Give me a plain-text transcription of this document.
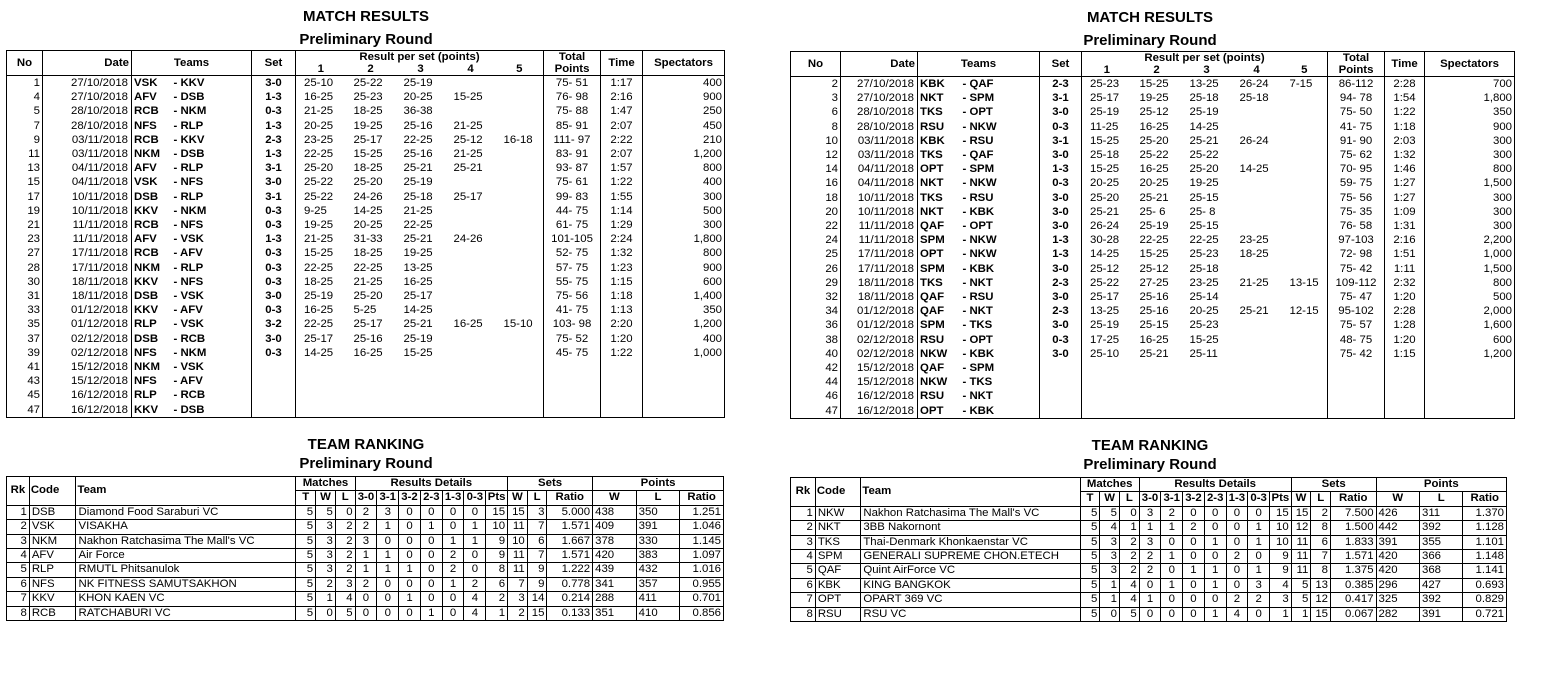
MATCH RESULTS
Preliminary Round
No	Date	Teams		Set	Result per set (points)					Total	Time	Spectators
					1	2	3	4	5	Points		
1	27/10/2018	VSK	- KKV	3-0	25-10	25-22	25-19			75- 51	1:17	400
4	27/10/2018	AFV	- DSB	1-3	16-25	25-23	20-25	15-25		76- 98	2:16	900
5	28/10/2018	RCB	- NKM	0-3	21-25	18-25	36-38			75- 88	1:47	250
7	28/10/2018	NFS	- RLP	1-3	20-25	19-25	25-16	21-25		85- 91	2:07	450
9	03/11/2018	RCB	- KKV	2-3	23-25	25-17	22-25	25-12	16-18	111- 97	2:22	210
11	03/11/2018	NKM	- DSB	1-3	22-25	15-25	25-16	21-25		83- 91	2:07	1,200
13	04/11/2018	AFV	- RLP	3-1	25-20	18-25	25-21	25-21		93- 87	1:57	800
15	04/11/2018	VSK	- NFS	3-0	25-22	25-20	25-19			75- 61	1:22	400
17	10/11/2018	DSB	- RLP	3-1	25-22	24-26	25-18	25-17		99- 83	1:55	300
19	10/11/2018	KKV	- NKM	0-3	9-25	14-25	21-25			44- 75	1:14	500
21	11/11/2018	RCB	- NFS	0-3	19-25	20-25	22-25			61- 75	1:29	300
23	11/11/2018	AFV	- VSK	1-3	21-25	31-33	25-21	24-26		101-105	2:24	1,800
27	17/11/2018	RCB	- AFV	0-3	15-25	18-25	19-25			52- 75	1:32	800
28	17/11/2018	NKM	- RLP	0-3	22-25	22-25	13-25			57- 75	1:23	900
30	18/11/2018	KKV	- NFS	0-3	18-25	21-25	16-25			55- 75	1:15	600
31	18/11/2018	DSB	- VSK	3-0	25-19	25-20	25-17			75- 56	1:18	1,400
33	01/12/2018	KKV	- AFV	0-3	16-25	5-25	14-25			41- 75	1:13	350
35	01/12/2018	RLP	- VSK	3-2	22-25	25-17	25-21	16-25	15-10	103- 98	2:20	1,200
37	02/12/2018	DSB	- RCB	3-0	25-17	25-16	25-19			75- 52	1:20	400
39	02/12/2018	NFS	- NKM	0-3	14-25	16-25	15-25			45- 75	1:22	1,000
41	15/12/2018	NKM	- VSK									
43	15/12/2018	NFS	- AFV									
45	16/12/2018	RLP	- RCB									
47	16/12/2018	KKV	- DSB									
TEAM RANKING
Preliminary Round
Rk	Code	Team	Matches			Results Details							Sets			Points		
			T	W	L	3-0	3-1	3-2	2-3	1-3	0-3	Pts	W	L	Ratio	W	L	Ratio
1	DSB	Diamond Food Saraburi VC	5	5	0	2	3	0	0	0	0	15	15	3	5.000	438	350	1.251
2	VSK	VISAKHA	5	3	2	2	1	0	1	0	1	10	11	7	1.571	409	391	1.046
3	NKM	Nakhon Ratchasima The Mall's VC	5	3	2	3	0	0	0	1	1	9	10	6	1.667	378	330	1.145
4	AFV	Air Force	5	3	2	1	1	0	0	2	0	9	11	7	1.571	420	383	1.097
5	RLP	RMUTL Phitsanulok	5	3	2	1	1	1	0	2	0	8	11	9	1.222	439	432	1.016
6	NFS	NK FITNESS SAMUTSAKHON	5	2	3	2	0	0	0	1	2	6	7	9	0.778	341	357	0.955
7	KKV	KHON KAEN VC	5	1	4	0	0	1	0	0	4	2	3	14	0.214	288	411	0.701
8	RCB	RATCHABURI VC	5	0	5	0	0	0	1	0	4	1	2	15	0.133	351	410	0.856
MATCH RESULTS
Preliminary Round
No	Date	Teams		Set	Result per set (points)					Total	Time	Spectators
					1	2	3	4	5	Points		
2	27/10/2018	KBK	- QAF	2-3	25-23	15-25	13-25	26-24	7-15	86-112	2:28	700
3	27/10/2018	NKT	- SPM	3-1	25-17	19-25	25-18	25-18		94- 78	1:54	1,800
6	28/10/2018	TKS	- OPT	3-0	25-19	25-12	25-19			75- 50	1:22	350
8	28/10/2018	RSU	- NKW	0-3	11-25	16-25	14-25			41- 75	1:18	900
10	03/11/2018	KBK	- RSU	3-1	15-25	25-20	25-21	26-24		91- 90	2:03	300
12	03/11/2018	TKS	- QAF	3-0	25-18	25-22	25-22			75- 62	1:32	300
14	04/11/2018	OPT	- SPM	1-3	15-25	16-25	25-20	14-25		70- 95	1:46	800
16	04/11/2018	NKT	- NKW	0-3	20-25	20-25	19-25			59- 75	1:27	1,500
18	10/11/2018	TKS	- RSU	3-0	25-20	25-21	25-15			75- 56	1:27	300
20	10/11/2018	NKT	- KBK	3-0	25-21	25- 6	25- 8			75- 35	1:09	300
22	11/11/2018	QAF	- OPT	3-0	26-24	25-19	25-15			76- 58	1:31	300
24	11/11/2018	SPM	- NKW	1-3	30-28	22-25	22-25	23-25		97-103	2:16	2,200
25	17/11/2018	OPT	- NKW	1-3	14-25	15-25	25-23	18-25		72- 98	1:51	1,000
26	17/11/2018	SPM	- KBK	3-0	25-12	25-12	25-18			75- 42	1:11	1,500
29	18/11/2018	TKS	- NKT	2-3	25-22	27-25	23-25	21-25	13-15	109-112	2:32	800
32	18/11/2018	QAF	- RSU	3-0	25-17	25-16	25-14			75- 47	1:20	500
34	01/12/2018	QAF	- NKT	2-3	13-25	25-16	20-25	25-21	12-15	95-102	2:28	2,000
36	01/12/2018	SPM	- TKS	3-0	25-19	25-15	25-23			75- 57	1:28	1,600
38	02/12/2018	RSU	- OPT	0-3	17-25	16-25	15-25			48- 75	1:20	600
40	02/12/2018	NKW	- KBK	3-0	25-10	25-21	25-11			75- 42	1:15	1,200
42	15/12/2018	QAF	- SPM									
44	15/12/2018	NKW	- TKS									
46	16/12/2018	RSU	- NKT									
47	16/12/2018	OPT	- KBK									
TEAM RANKING
Preliminary Round
Rk	Code	Team	Matches			Results Details							Sets			Points		
			T	W	L	3-0	3-1	3-2	2-3	1-3	0-3	Pts	W	L	Ratio	W	L	Ratio
1	NKW	Nakhon Ratchasima The Mall's VC	5	5	0	3	2	0	0	0	0	15	15	2	7.500	426	311	1.370
2	NKT	3BB Nakornont	5	4	1	1	1	2	0	0	1	10	12	8	1.500	442	392	1.128
3	TKS	Thai-Denmark Khonkaenstar VC	5	3	2	3	0	0	1	0	1	10	11	6	1.833	391	355	1.101
4	SPM	GENERALI SUPREME CHON.ETECH	5	3	2	2	1	0	0	2	0	9	11	7	1.571	420	366	1.148
5	QAF	Quint AirForce VC	5	3	2	2	0	1	1	0	1	9	11	8	1.375	420	368	1.141
6	KBK	KING BANGKOK	5	1	4	0	1	0	1	0	3	4	5	13	0.385	296	427	0.693
7	OPT	OPART 369 VC	5	1	4	1	0	0	0	2	2	3	5	12	0.417	325	392	0.829
8	RSU	RSU VC	5	0	5	0	0	0	1	4	0	1	1	15	0.067	282	391	0.721
